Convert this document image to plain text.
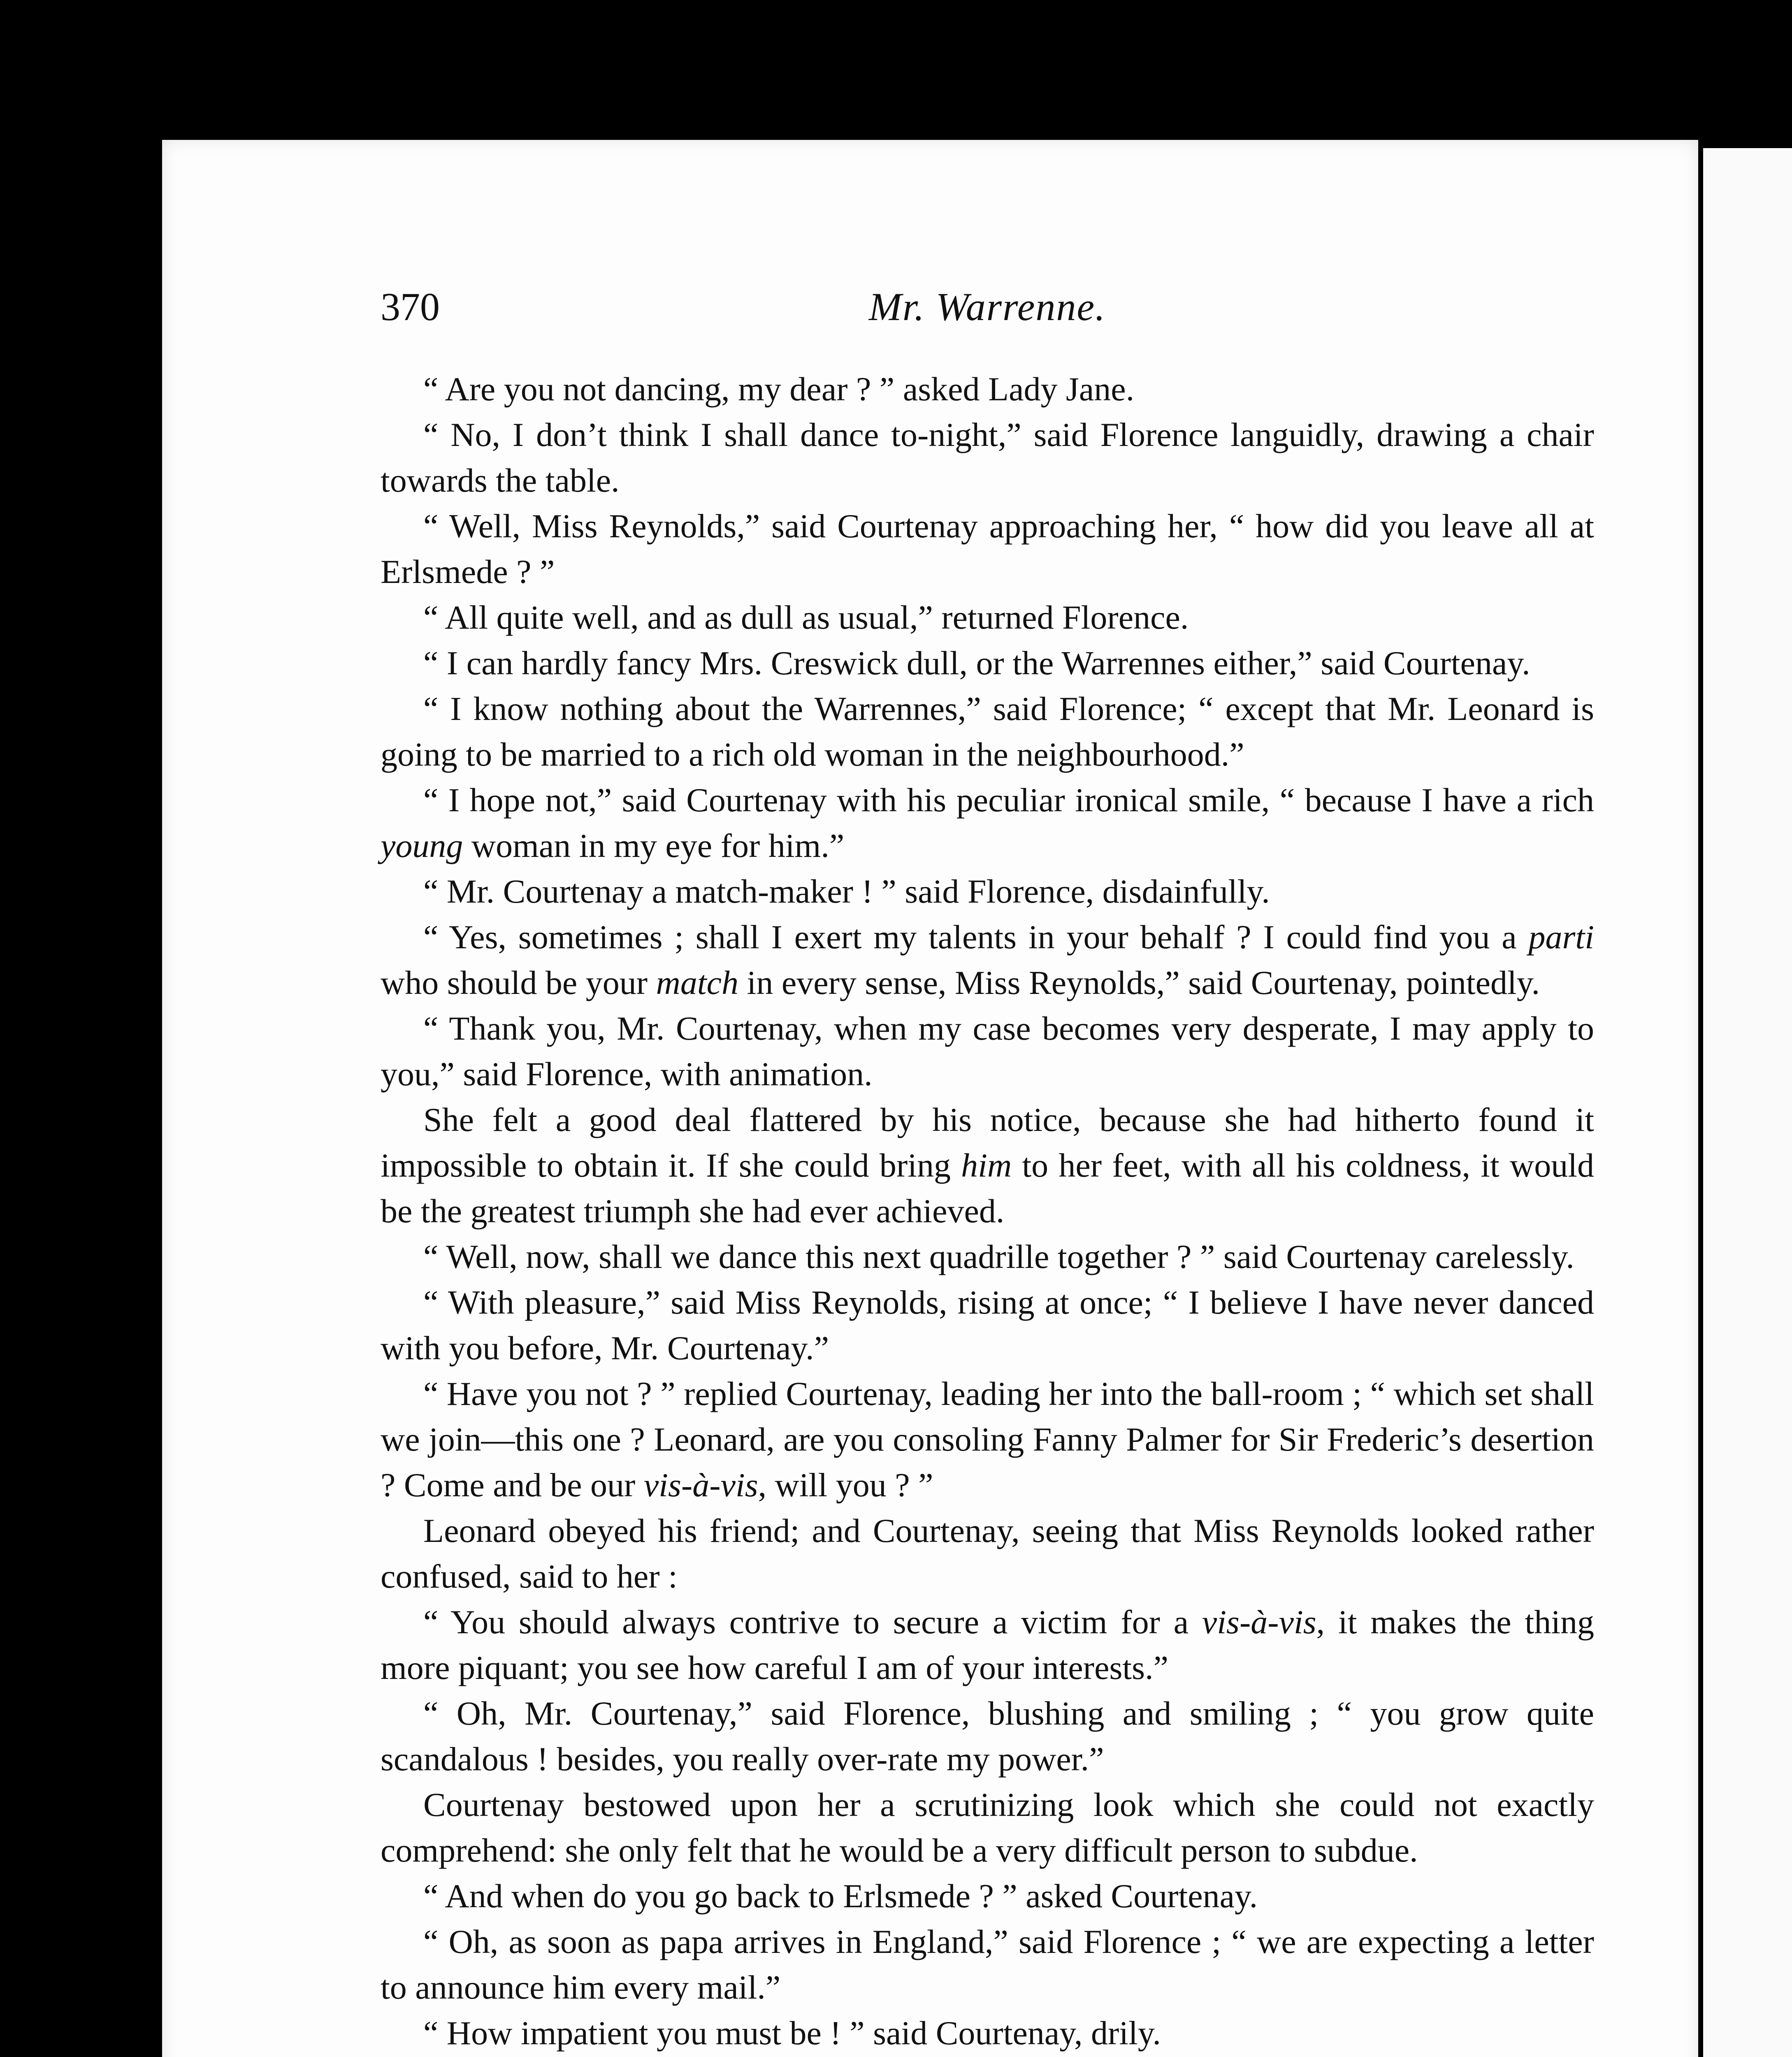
370	Mr. Warrenne.

“ Are you not dancing, my dear ? ” asked Lady Jane.

“ No, I don’t think I shall dance to-night,” said Florence languidly, drawing a chair towards the table.

“ Well, Miss Reynolds,” said Courtenay approaching her, “ how did you leave all at Erlsmede ? ”

“ All quite well, and as dull as usual,” returned Florence.

“ I can hardly fancy Mrs. Creswick dull, or the Warrennes either,” said Courtenay.

“ I know nothing about the Warrennes,” said Florence; “ except that Mr. Leonard is going to be married to a rich old woman in the neighbourhood.”

“ I hope not,” said Courtenay with his peculiar ironical smile, “ because I have a rich young woman in my eye for him.”

“ Mr. Courtenay a match-maker ! ” said Florence, disdainfully.

“ Yes, sometimes ; shall I exert my talents in your behalf ? I could find you a parti who should be your match in every sense, Miss Reynolds,” said Courtenay, pointedly.

“ Thank you, Mr. Courtenay, when my case becomes very desperate, I may apply to you,” said Florence, with animation.

She felt a good deal flattered by his notice, because she had hitherto found it impossible to obtain it. If she could bring him to her feet, with all his coldness, it would be the greatest triumph she had ever achieved.

“ Well, now, shall we dance this next quadrille together ? ” said Courtenay carelessly.

“ With pleasure,” said Miss Reynolds, rising at once; “ I believe I have never danced with you before, Mr. Courtenay.”

“ Have you not ? ” replied Courtenay, leading her into the ball-room ; “ which set shall we join—this one ? Leonard, are you consoling Fanny Palmer for Sir Frederic’s desertion ? Come and be our vis-à-vis, will you ? ”

Leonard obeyed his friend; and Courtenay, seeing that Miss Reynolds looked rather confused, said to her :

“ You should always contrive to secure a victim for a vis-à-vis, it makes the thing more piquant; you see how careful I am of your interests.”

“ Oh, Mr. Courtenay,” said Florence, blushing and smiling ; “ you grow quite scandalous ! besides, you really over-rate my power.”

Courtenay bestowed upon her a scrutinizing look which she could not exactly comprehend: she only felt that he would be a very difficult person to subdue.

“ And when do you go back to Erlsmede ? ” asked Courtenay.

“ Oh, as soon as papa arrives in England,” said Florence ; “ we are expecting a letter to announce him every mail.”

“ How impatient you must be ! ” said Courtenay, drily.
